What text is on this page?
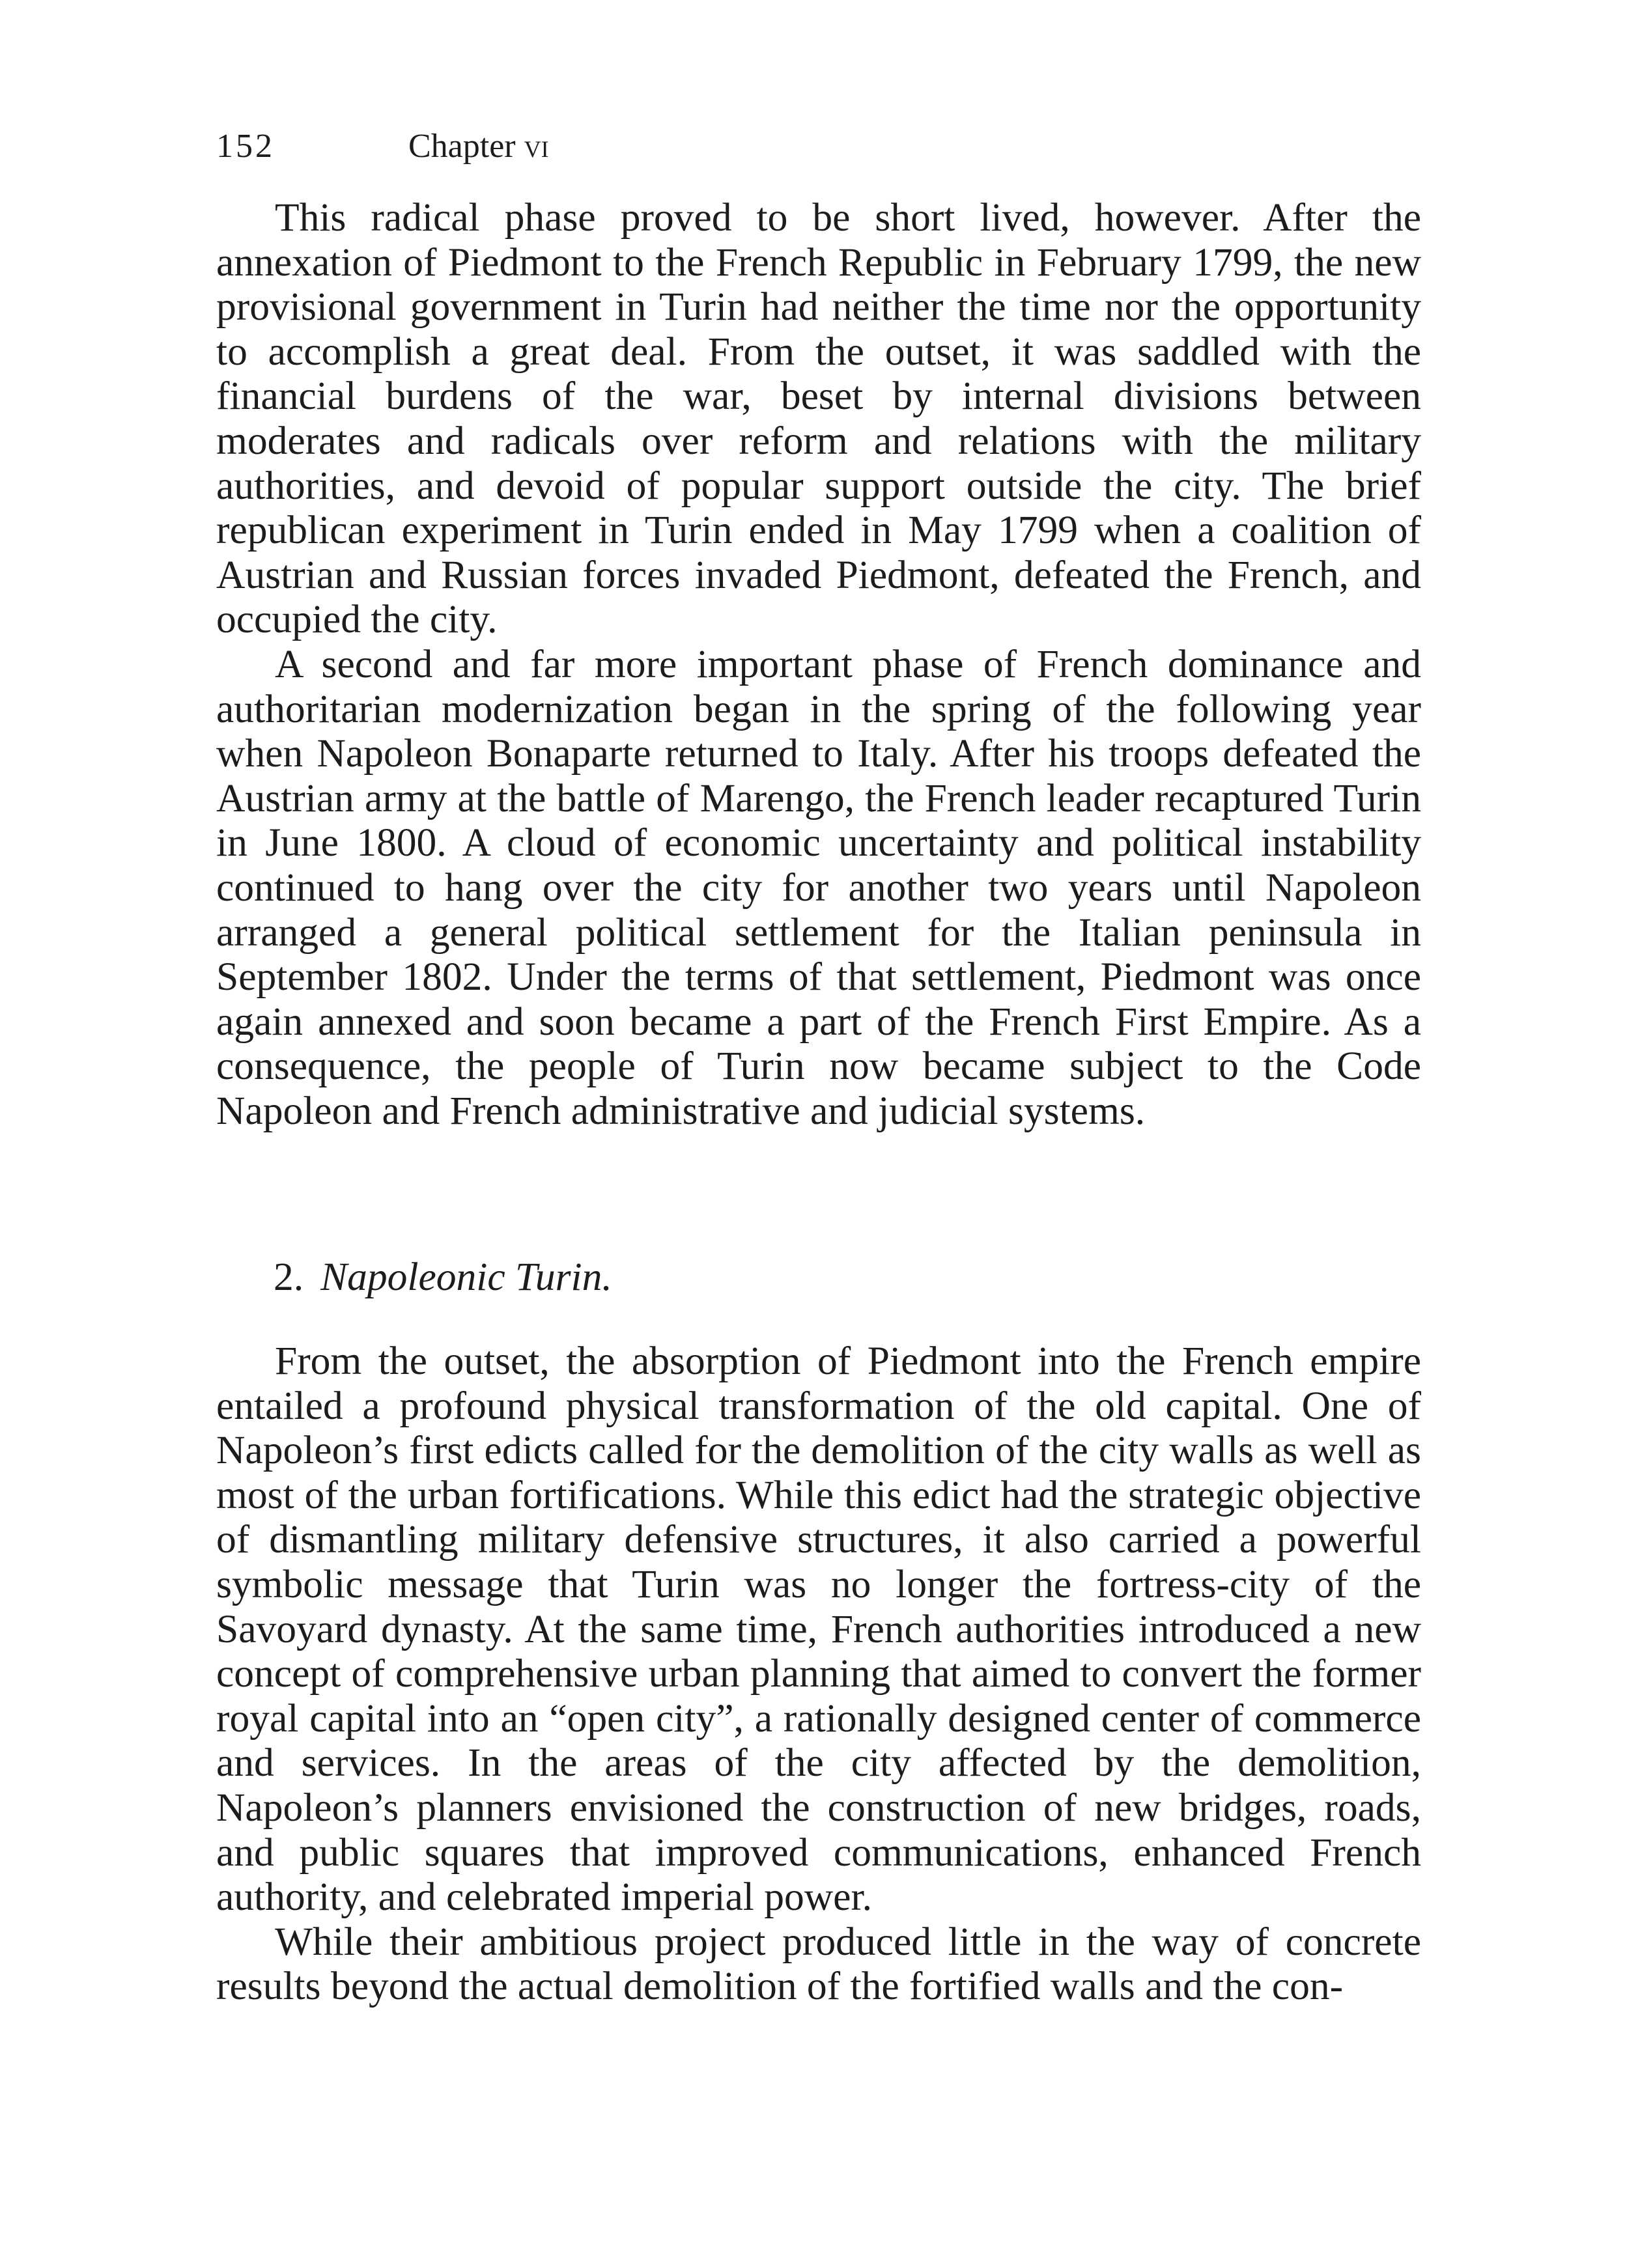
152	Chapter vi

This radical phase proved to be short lived, however. After the annexation of Piedmont to the French Republic in February 1799, the new provisional government in Turin had neither the time nor the opportunity to accomplish a great deal. From the outset, it was saddled with the financial burdens of the war, beset by internal divisions between moderates and radicals over reform and relations with the military authorities, and devoid of popular support outside the city. The brief republican experiment in Turin ended in May 1799 when a coalition of Austrian and Russian forces invaded Piedmont, defeated the French, and occupied the city.

A second and far more important phase of French dominance and authoritarian modernization began in the spring of the following year when Napoleon Bonaparte returned to Italy. After his troops defeated the Austrian army at the battle of Marengo, the French leader recaptured Turin in June 1800. A cloud of economic uncertainty and political instability continued to hang over the city for another two years until Napoleon arranged a general political settlement for the Italian peninsula in September 1802. Under the terms of that settlement, Piedmont was once again annexed and soon became a part of the French First Empire. As a consequence, the people of Turin now became subject to the Code Napoleon and French administrative and judicial systems.

2. Napoleonic Turin.

From the outset, the absorption of Piedmont into the French empire entailed a profound physical transformation of the old capital. One of Napoleon’s first edicts called for the demolition of the city walls as well as most of the urban fortifications. While this edict had the strategic objective of dismantling military defensive structures, it also carried a powerful symbolic message that Turin was no longer the fortress-city of the Savoyard dynasty. At the same time, French authorities introduced a new concept of comprehensive urban planning that aimed to convert the former royal capital into an “open city”, a rationally designed center of commerce and services. In the areas of the city affected by the demolition, Napoleon’s planners envisioned the construction of new bridges, roads, and public squares that improved communications, enhanced French authority, and celebrated imperial power.

While their ambitious project produced little in the way of concrete results beyond the actual demolition of the fortified walls and the con-
